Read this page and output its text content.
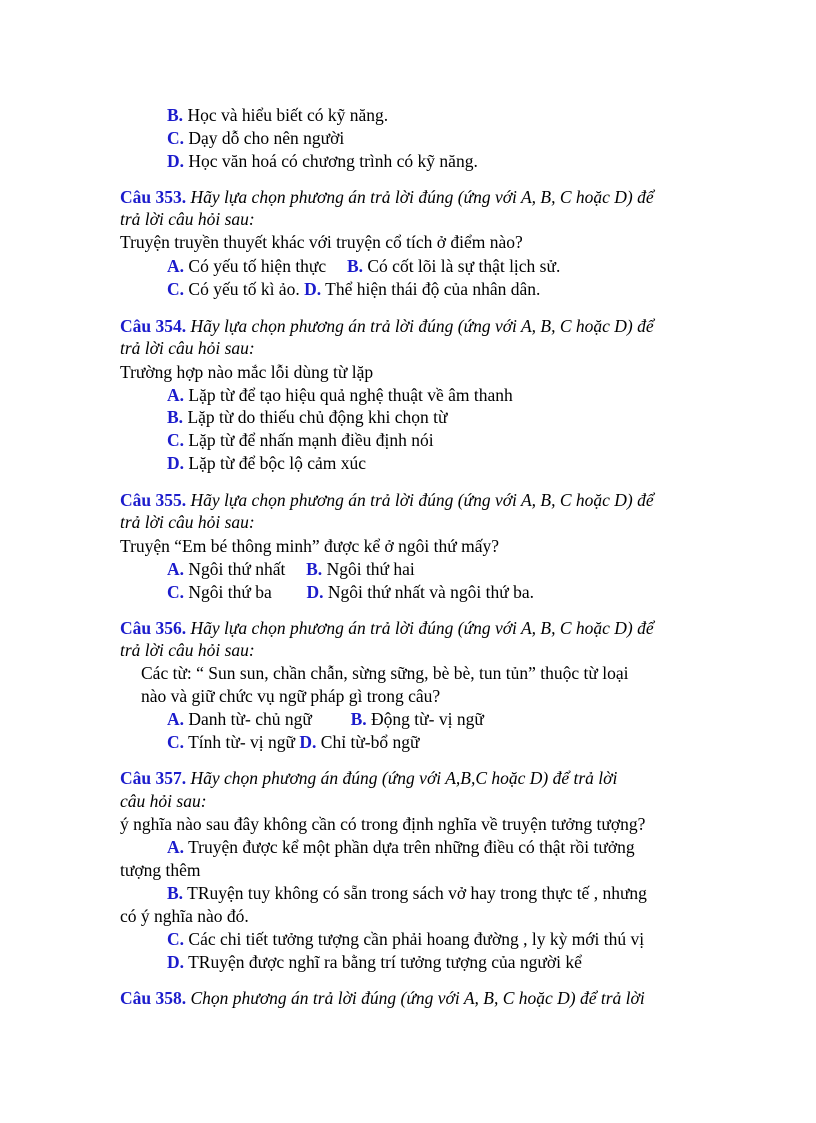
B. Học và hiểu biết có kỹ năng.
C. Dạy dỗ cho nên người
D. Học văn hoá có chương trình có kỹ năng.
Câu 353. Hãy lựa chọn phương án trả lời đúng (ứng với A, B, C hoặc D) để
trả lời câu hỏi sau:
Truyện truyền thuyết khác với truyện cổ tích ở điểm nào?
A. Có yếu tố hiện thực B. Có cốt lõi là sự thật lịch sử.
C. Có yếu tố kì ảo. D. Thể hiện thái độ của nhân dân.
Câu 354. Hãy lựa chọn phương án trả lời đúng (ứng với A, B, C hoặc D) để
trả lời câu hỏi sau:
Trường hợp nào mắc lỗi dùng từ lặp
A. Lặp từ để tạo hiệu quả nghệ thuật về âm thanh
B. Lặp từ do thiếu chủ động khi chọn từ
C. Lặp từ để nhấn mạnh điều định nói
D. Lặp từ để bộc lộ cảm xúc
Câu 355. Hãy lựa chọn phương án trả lời đúng (ứng với A, B, C hoặc D) để
trả lời câu hỏi sau:
Truyện “Em bé thông minh” được kể ở ngôi thứ mấy?
A. Ngôi thứ nhất B. Ngôi thứ hai
C. Ngôi thứ ba D. Ngôi thứ nhất và ngôi thứ ba.
Câu 356. Hãy lựa chọn phương án trả lời đúng (ứng với A, B, C hoặc D) để
trả lời câu hỏi sau:
Các từ: “ Sun sun, chần chẫn, sừng sững, bè bè, tun tủn” thuộc từ loại
nào và giữ chức vụ ngữ pháp gì trong câu?
A. Danh từ- chủ ngữ B. Động từ- vị ngữ
C. Tính từ- vị ngữ D. Chỉ từ-bổ ngữ
Câu 357. Hãy chọn phương án đúng (ứng với A,B,C hoặc D) để trả lời
câu hỏi sau:
ý nghĩa nào sau đây không cần có trong định nghĩa về truyện tưởng tượng?
A. Truyện được kể một phần dựa trên những điều có thật rồi tưởng
tượng thêm
B. TRuyện tuy không có sẵn trong sách vở hay trong thực tế , nhưng
có ý nghĩa nào đó.
C. Các chi tiết tưởng tượng cần phải hoang đường , ly kỳ mới thú vị
D. TRuyện được nghĩ ra bằng trí tưởng tượng của người kể
Câu 358. Chọn phương án trả lời đúng (ứng với A, B, C hoặc D) để trả lời
